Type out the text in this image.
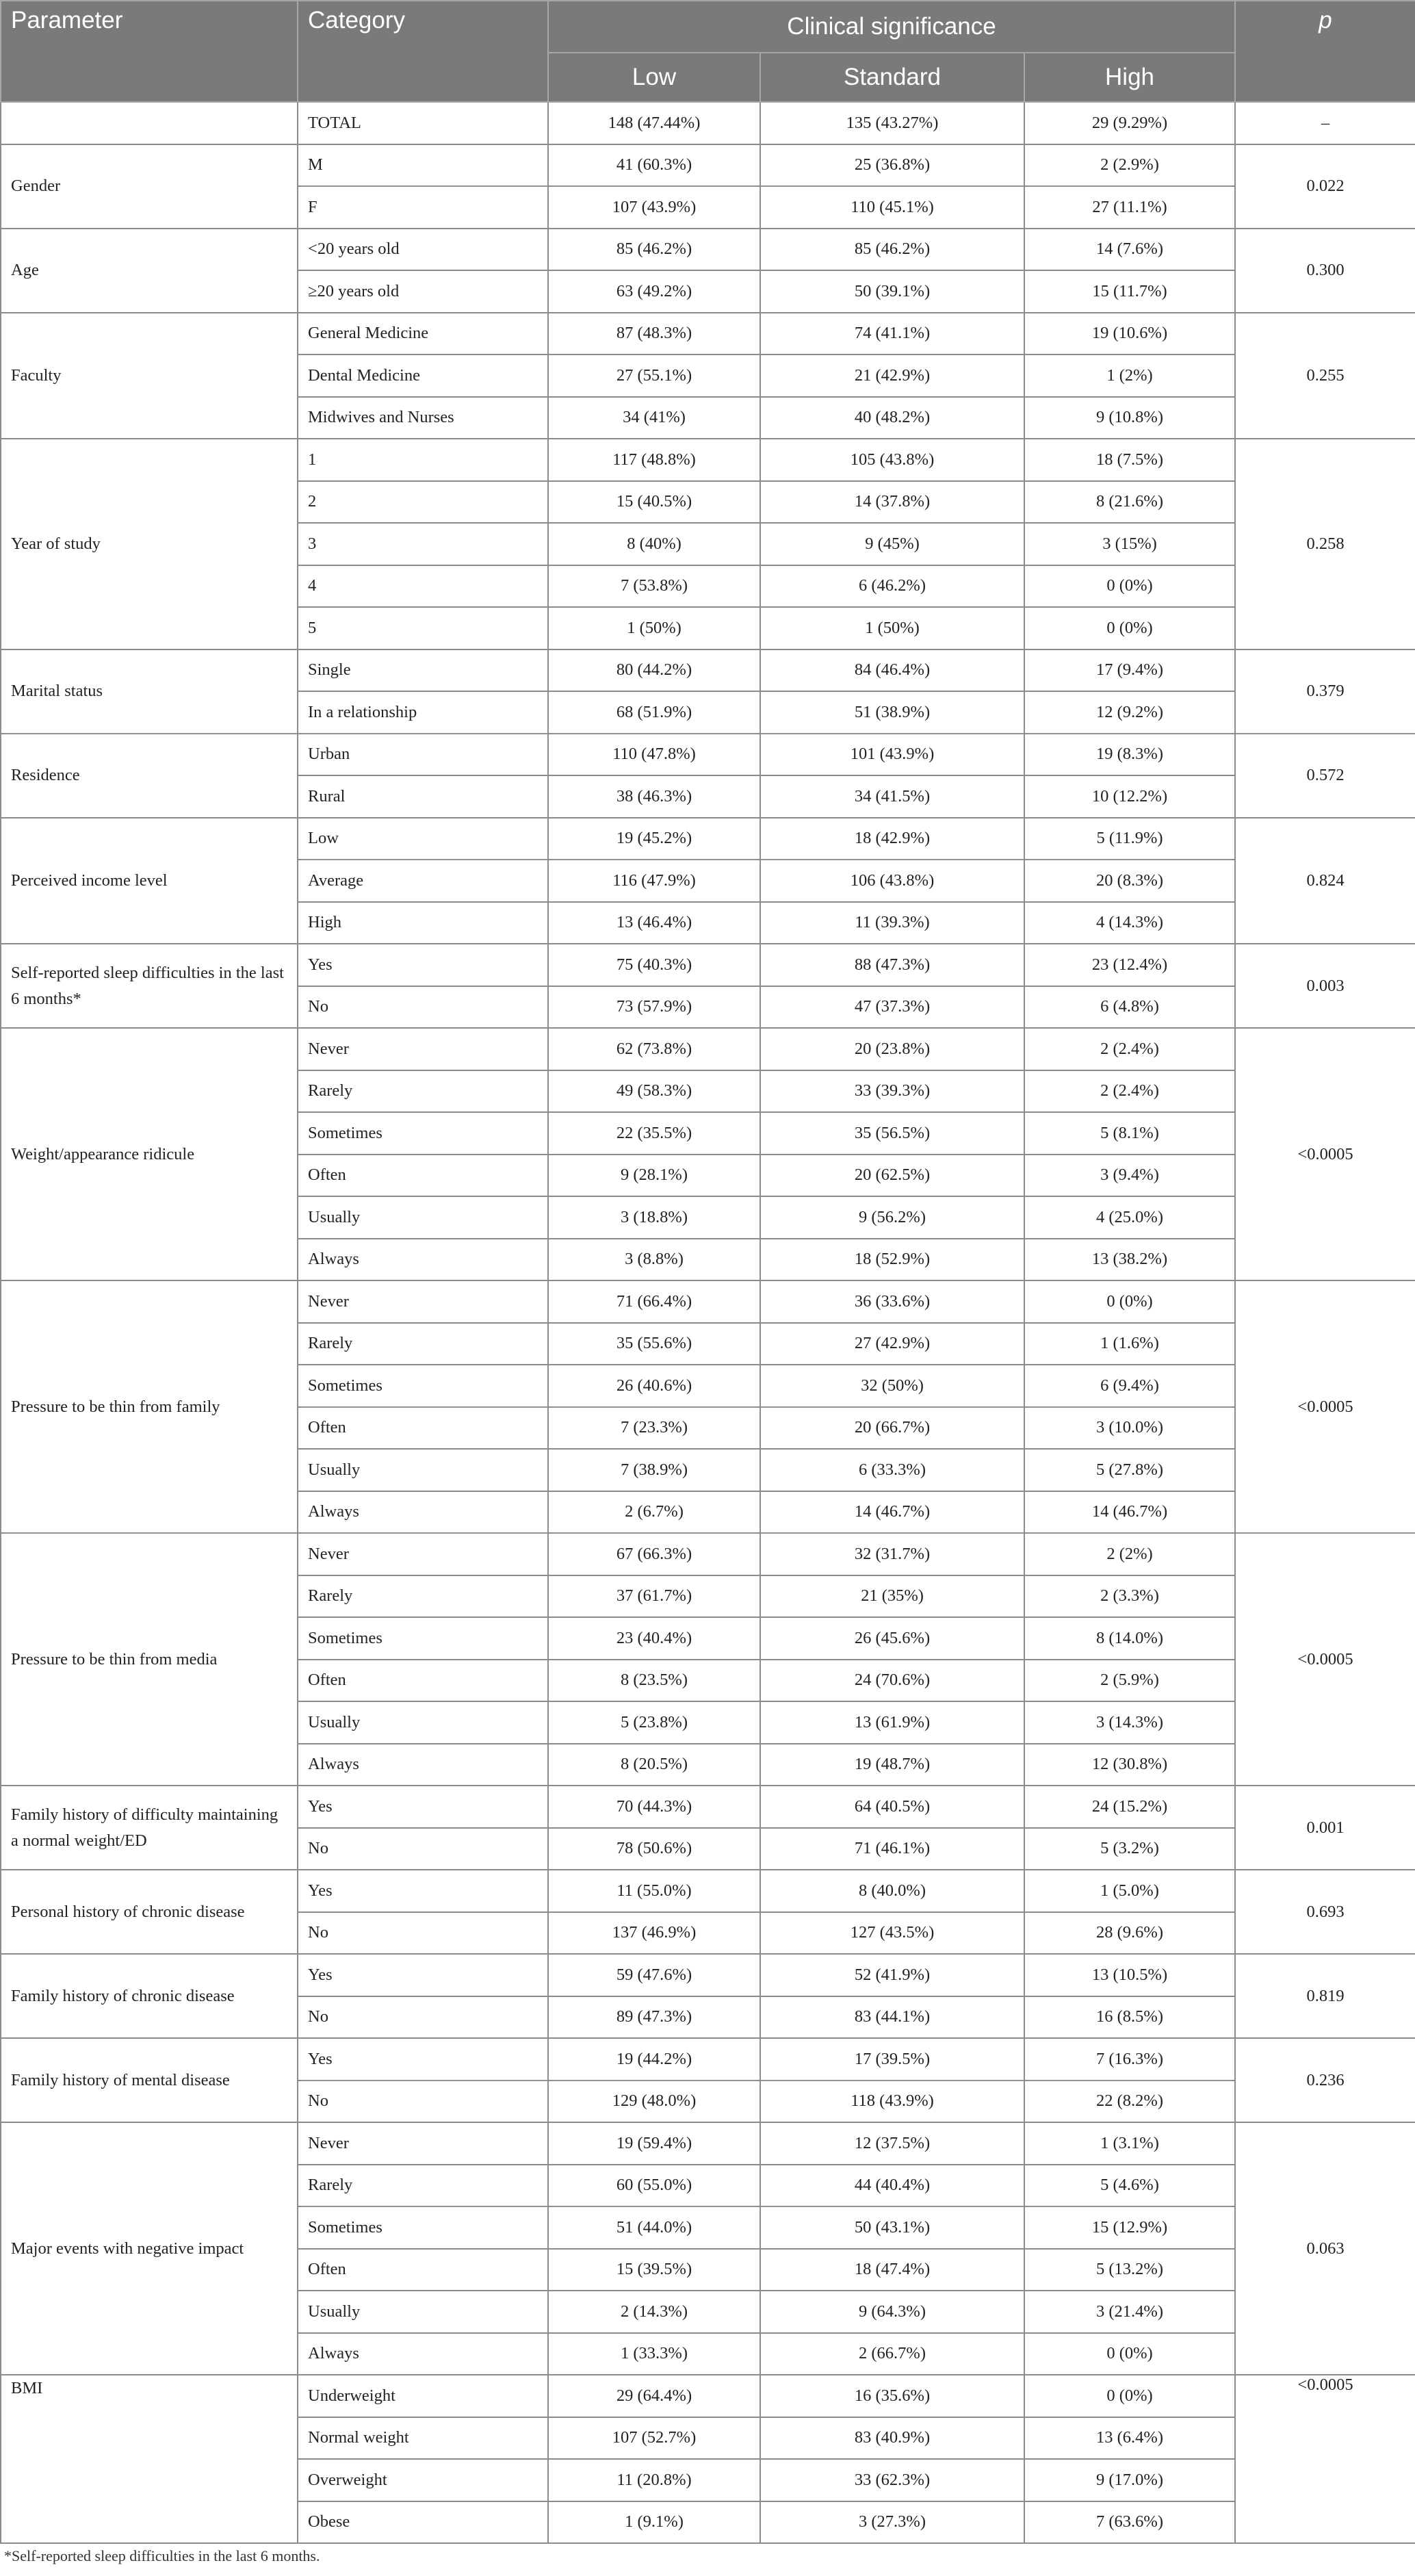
Parameter	Category	Clinical significance			p
		Low	Standard	High	
	TOTAL	148 (47.44%)	135 (43.27%)	29 (9.29%)	–
Gender	M	41 (60.3%)	25 (36.8%)	2 (2.9%)	0.022
	F	107 (43.9%)	110 (45.1%)	27 (11.1%)	
Age	<20 years old	85 (46.2%)	85 (46.2%)	14 (7.6%)	0.300
	≥20 years old	63 (49.2%)	50 (39.1%)	15 (11.7%)	
Faculty	General Medicine	87 (48.3%)	74 (41.1%)	19 (10.6%)	0.255
	Dental Medicine	27 (55.1%)	21 (42.9%)	1 (2%)	
	Midwives and Nurses	34 (41%)	40 (48.2%)	9 (10.8%)	
Year of study	1	117 (48.8%)	105 (43.8%)	18 (7.5%)	0.258
	2	15 (40.5%)	14 (37.8%)	8 (21.6%)	
	3	8 (40%)	9 (45%)	3 (15%)	
	4	7 (53.8%)	6 (46.2%)	0 (0%)	
	5	1 (50%)	1 (50%)	0 (0%)	
Marital status	Single	80 (44.2%)	84 (46.4%)	17 (9.4%)	0.379
	In a relationship	68 (51.9%)	51 (38.9%)	12 (9.2%)	
Residence	Urban	110 (47.8%)	101 (43.9%)	19 (8.3%)	0.572
	Rural	38 (46.3%)	34 (41.5%)	10 (12.2%)	
Perceived income level	Low	19 (45.2%)	18 (42.9%)	5 (11.9%)	0.824
	Average	116 (47.9%)	106 (43.8%)	20 (8.3%)	
	High	13 (46.4%)	11 (39.3%)	4 (14.3%)	
Self-reported sleep difficulties in the last 6 months*	Yes	75 (40.3%)	88 (47.3%)	23 (12.4%)	0.003
	No	73 (57.9%)	47 (37.3%)	6 (4.8%)	
Weight/appearance ridicule	Never	62 (73.8%)	20 (23.8%)	2 (2.4%)	<0.0005
	Rarely	49 (58.3%)	33 (39.3%)	2 (2.4%)	
	Sometimes	22 (35.5%)	35 (56.5%)	5 (8.1%)	
	Often	9 (28.1%)	20 (62.5%)	3 (9.4%)	
	Usually	3 (18.8%)	9 (56.2%)	4 (25.0%)	
	Always	3 (8.8%)	18 (52.9%)	13 (38.2%)	
Pressure to be thin from family	Never	71 (66.4%)	36 (33.6%)	0 (0%)	<0.0005
	Rarely	35 (55.6%)	27 (42.9%)	1 (1.6%)	
	Sometimes	26 (40.6%)	32 (50%)	6 (9.4%)	
	Often	7 (23.3%)	20 (66.7%)	3 (10.0%)	
	Usually	7 (38.9%)	6 (33.3%)	5 (27.8%)	
	Always	2 (6.7%)	14 (46.7%)	14 (46.7%)	
Pressure to be thin from media	Never	67 (66.3%)	32 (31.7%)	2 (2%)	<0.0005
	Rarely	37 (61.7%)	21 (35%)	2 (3.3%)	
	Sometimes	23 (40.4%)	26 (45.6%)	8 (14.0%)	
	Often	8 (23.5%)	24 (70.6%)	2 (5.9%)	
	Usually	5 (23.8%)	13 (61.9%)	3 (14.3%)	
	Always	8 (20.5%)	19 (48.7%)	12 (30.8%)	
Family history of difficulty maintaining a normal weight/ED	Yes	70 (44.3%)	64 (40.5%)	24 (15.2%)	0.001
	No	78 (50.6%)	71 (46.1%)	5 (3.2%)	
Personal history of chronic disease	Yes	11 (55.0%)	8 (40.0%)	1 (5.0%)	0.693
	No	137 (46.9%)	127 (43.5%)	28 (9.6%)	
Family history of chronic disease	Yes	59 (47.6%)	52 (41.9%)	13 (10.5%)	0.819
	No	89 (47.3%)	83 (44.1%)	16 (8.5%)	
Family history of mental disease	Yes	19 (44.2%)	17 (39.5%)	7 (16.3%)	0.236
	No	129 (48.0%)	118 (43.9%)	22 (8.2%)	
Major events with negative impact	Never	19 (59.4%)	12 (37.5%)	1 (3.1%)	0.063
	Rarely	60 (55.0%)	44 (40.4%)	5 (4.6%)	
	Sometimes	51 (44.0%)	50 (43.1%)	15 (12.9%)	
	Often	15 (39.5%)	18 (47.4%)	5 (13.2%)	
	Usually	2 (14.3%)	9 (64.3%)	3 (21.4%)	
	Always	1 (33.3%)	2 (66.7%)	0 (0%)	
BMI	Underweight	29 (64.4%)	16 (35.6%)	0 (0%)	<0.0005
	Normal weight	107 (52.7%)	83 (40.9%)	13 (6.4%)	
	Overweight	11 (20.8%)	33 (62.3%)	9 (17.0%)	
	Obese	1 (9.1%)	3 (27.3%)	7 (63.6%)	
*Self-reported sleep difficulties in the last 6 months.
